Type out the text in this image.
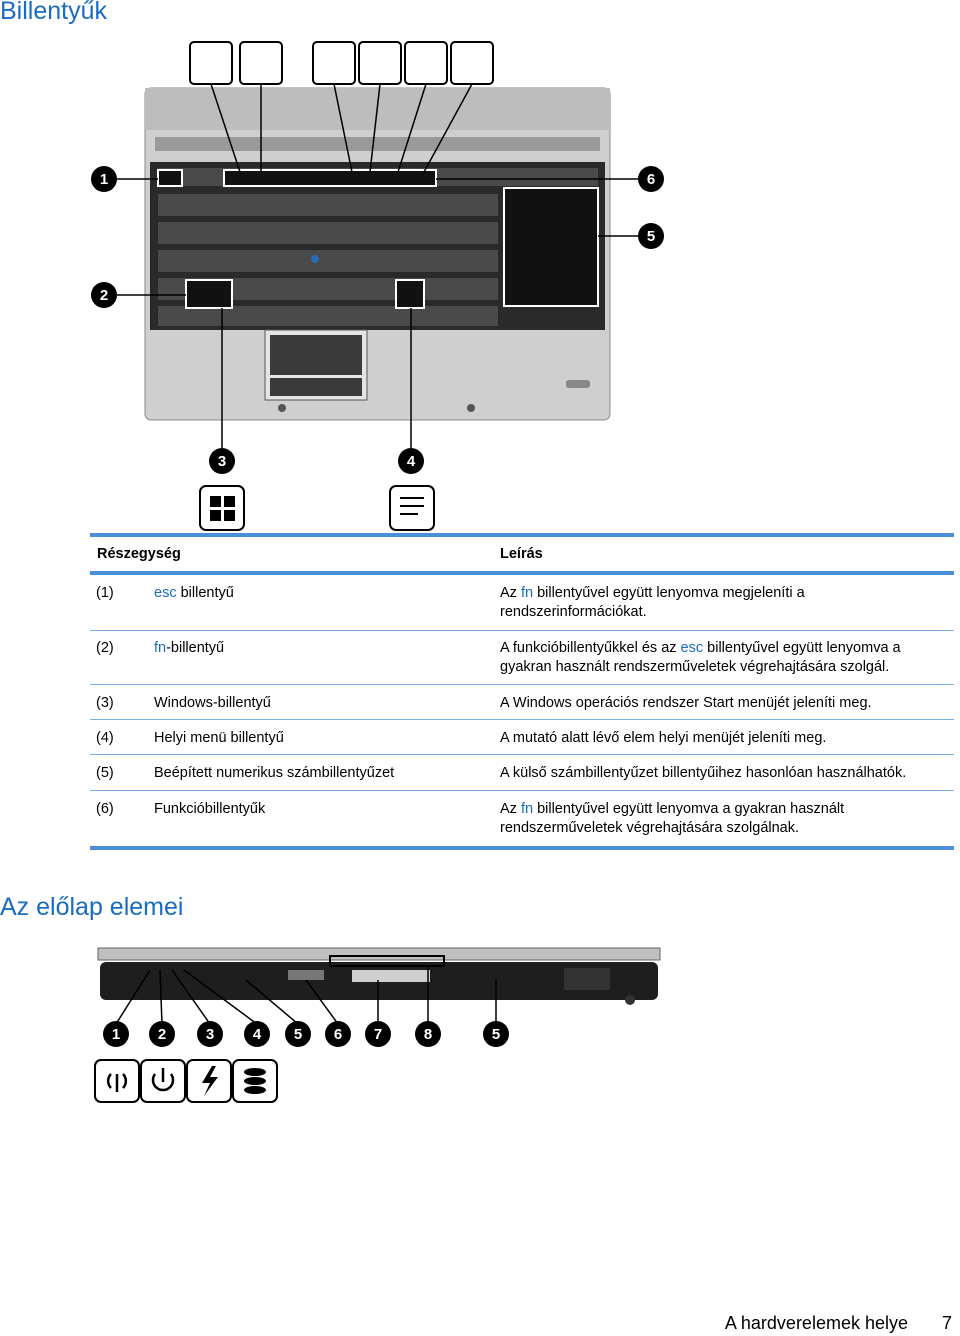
Billentyűk
1
2
3	4
5
6
Részegység	Leírás
(1)	esc billentyű	Az fn billentyűvel együtt lenyomva megjeleníti a
rendszerinformációkat.
(2)	fn-billentyű	A funkcióbillentyűkkel és az esc billentyűvel együtt lenyomva a
gyakran használt rendszerműveletek végrehajtására szolgál.
(3)	Windows-billentyű	A Windows operációs rendszer Start menüjét jeleníti meg.
(4)	Helyi menü billentyű	A mutató alatt lévő elem helyi menüjét jeleníti meg.
(5)	Beépített numerikus számbillentyűzet	A külső számbillentyűzet billentyűihez hasonlóan használhatók.
(6)	Funkcióbillentyűk	Az fn billentyűvel együtt lenyomva a gyakran használt
rendszerműveletek végrehajtására szolgálnak.
Az előlap elemei
1	2	3	4 5 6 7	8	5
A hardverelemek helye 7
